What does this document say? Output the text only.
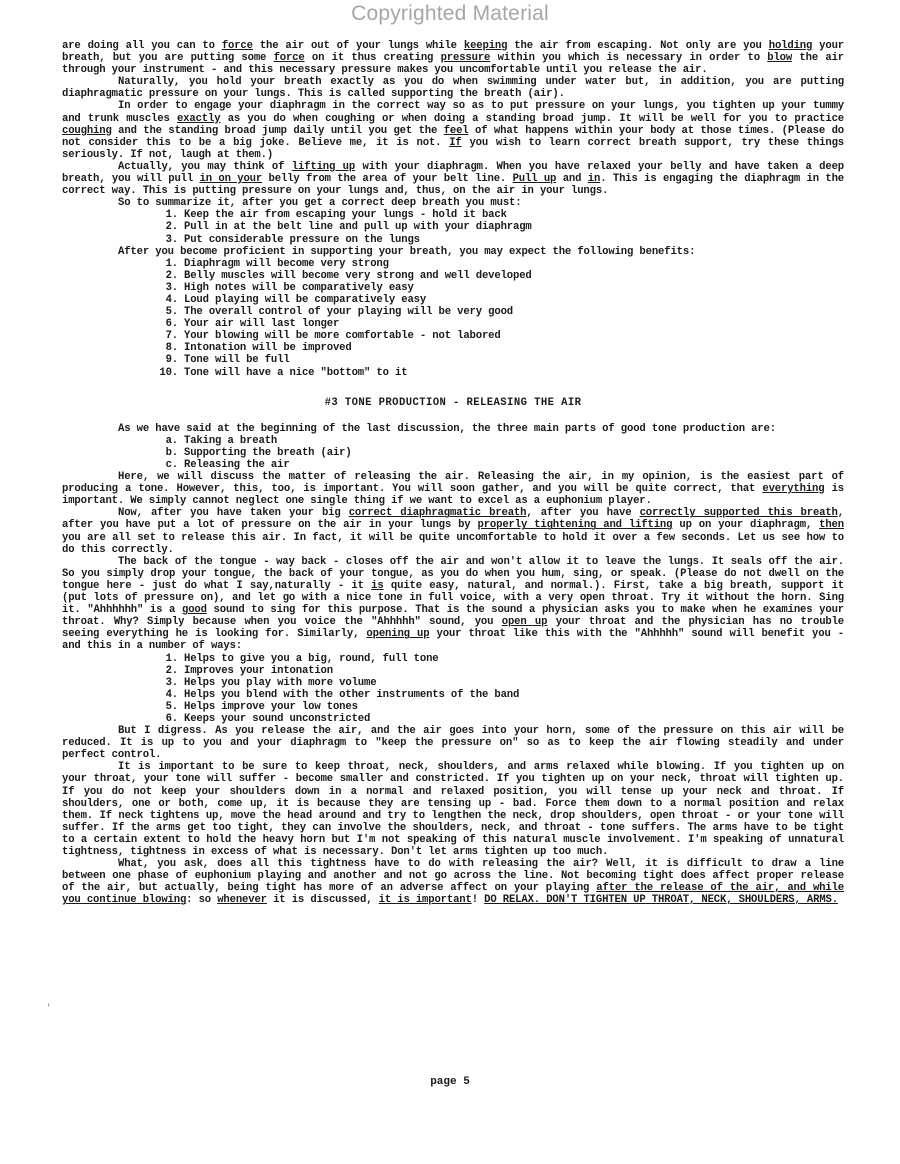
Copyrighted Material

are doing all you can to force the air out of your lungs while keeping the air from escaping. Not only are you holding your breath, but you are putting some force on it thus creating pressure within you which is necessary in order to blow the air through your instrument - and this necessary pressure makes you uncomfortable until you release the air.

Naturally, you hold your breath exactly as you do when swimming under water but, in addition, you are putting diaphragmatic pressure on your lungs. This is called supporting the breath (air).

In order to engage your diaphragm in the correct way so as to put pressure on your lungs, you tighten up your tummy and trunk muscles exactly as you do when coughing or when doing a standing broad jump. It will be well for you to practice coughing and the standing broad jump daily until you get the feel of what happens within your body at those times. (Please do not consider this to be a big joke. Believe me, it is not. If you wish to learn correct breath support, try these things seriously. If not, laugh at them.)

Actually, you may think of lifting up with your diaphragm. When you have relaxed your belly and have taken a deep breath, you will pull in on your belly from the area of your belt line. Pull up and in. This is engaging the diaphragm in the correct way. This is putting pressure on your lungs and, thus, on the air in your lungs.

So to summarize it, after you get a correct deep breath you must:

1. Keep the air from escaping your lungs - hold it back
2. Pull in at the belt line and pull up with your diaphragm
3. Put considerable pressure on the lungs

After you become proficient in supporting your breath, you may expect the following benefits:

1. Diaphragm will become very strong
2. Belly muscles will become very strong and well developed
3. High notes will be comparatively easy
4. Loud playing will be comparatively easy
5. The overall control of your playing will be very good
6. Your air will last longer
7. Your blowing will be more comfortable - not labored
8. Intonation will be improved
9. Tone will be full
10. Tone will have a nice "bottom" to it
#3 TONE PRODUCTION - RELEASING THE AIR

As we have said at the beginning of the last discussion, the three main parts of good tone production are:

a. Taking a breath
b. Supporting the breath (air)
c. Releasing the air

Here, we will discuss the matter of releasing the air. Releasing the air, in my opinion, is the easiest part of producing a tone. However, this, too, is important. You will soon gather, and you will be quite correct, that everything is important. We simply cannot neglect one single thing if we want to excel as a euphonium player.

Now, after you have taken your big correct diaphragmatic breath, after you have correctly supported this breath, after you have put a lot of pressure on the air in your lungs by properly tightening and lifting up on your diaphragm, then you are all set to release this air. In fact, it will be quite uncomfortable to hold it over a few seconds. Let us see how to do this correctly.

The back of the tongue - way back - closes off the air and won't allow it to leave the lungs. It seals off the air. So you simply drop your tongue, the back of your tongue, as you do when you hum, sing, or speak. (Please do not dwell on the tongue here - just do what I say,naturally - it is quite easy, natural, and normal.). First, take a big breath, support it (put lots of pressure on), and let go with a nice tone in full voice, with a very open throat. Try it without the horn. Sing it. "Ahhhhhh" is a good sound to sing for this purpose. That is the sound a physician asks you to make when he examines your throat. Why? Simply because when you voice the "Ahhhhh" sound, you open up your throat and the physician has no trouble seeing everything he is looking for. Similarly, opening up your throat like this with the "Ahhhhh" sound will benefit you - and this in a number of ways:

1. Helps to give you a big, round, full tone
2. Improves your intonation
3. Helps you play with more volume
4. Helps you blend with the other instruments of the band
5. Helps improve your low tones
6. Keeps your sound unconstricted

But I digress. As you release the air, and the air goes into your horn, some of the pressure on this air will be reduced. It is up to you and your diaphragm to "keep the pressure on" so as to keep the air flowing steadily and under perfect control.

It is important to be sure to keep throat, neck, shoulders, and arms relaxed while blowing. If you tighten up on your throat, your tone will suffer - become smaller and constricted. If you tighten up on your neck, throat will tighten up. If you do not keep your shoulders down in a normal and relaxed position, you will tense up your neck and throat. If shoulders, one or both, come up, it is because they are tensing up - bad. Force them down to a normal position and relax them. If neck tightens up, move the head around and try to lengthen the neck, drop shoulders, open throat - or your tone will suffer. If the arms get too tight, they can involve the shoulders, neck, and throat - tone suffers. The arms have to be tight to a certain extent to hold the heavy horn but I'm not speaking of this natural muscle involvement. I'm speaking of unnatural tightness, tightness in excess of what is necessary. Don't let arms tighten up too much.

What, you ask, does all this tightness have to do with releasing the air? Well, it is difficult to draw a line between one phase of euphonium playing and another and not go across the line. Not becoming tight does affect proper release of the air, but actually, being tight has more of an adverse affect on your playing after the release of the air, and while you continue blowing: so whenever it is discussed, it is important! DO RELAX. DON'T TIGHTEN UP THROAT, NECK, SHOULDERS, ARMS.

'
page 5
